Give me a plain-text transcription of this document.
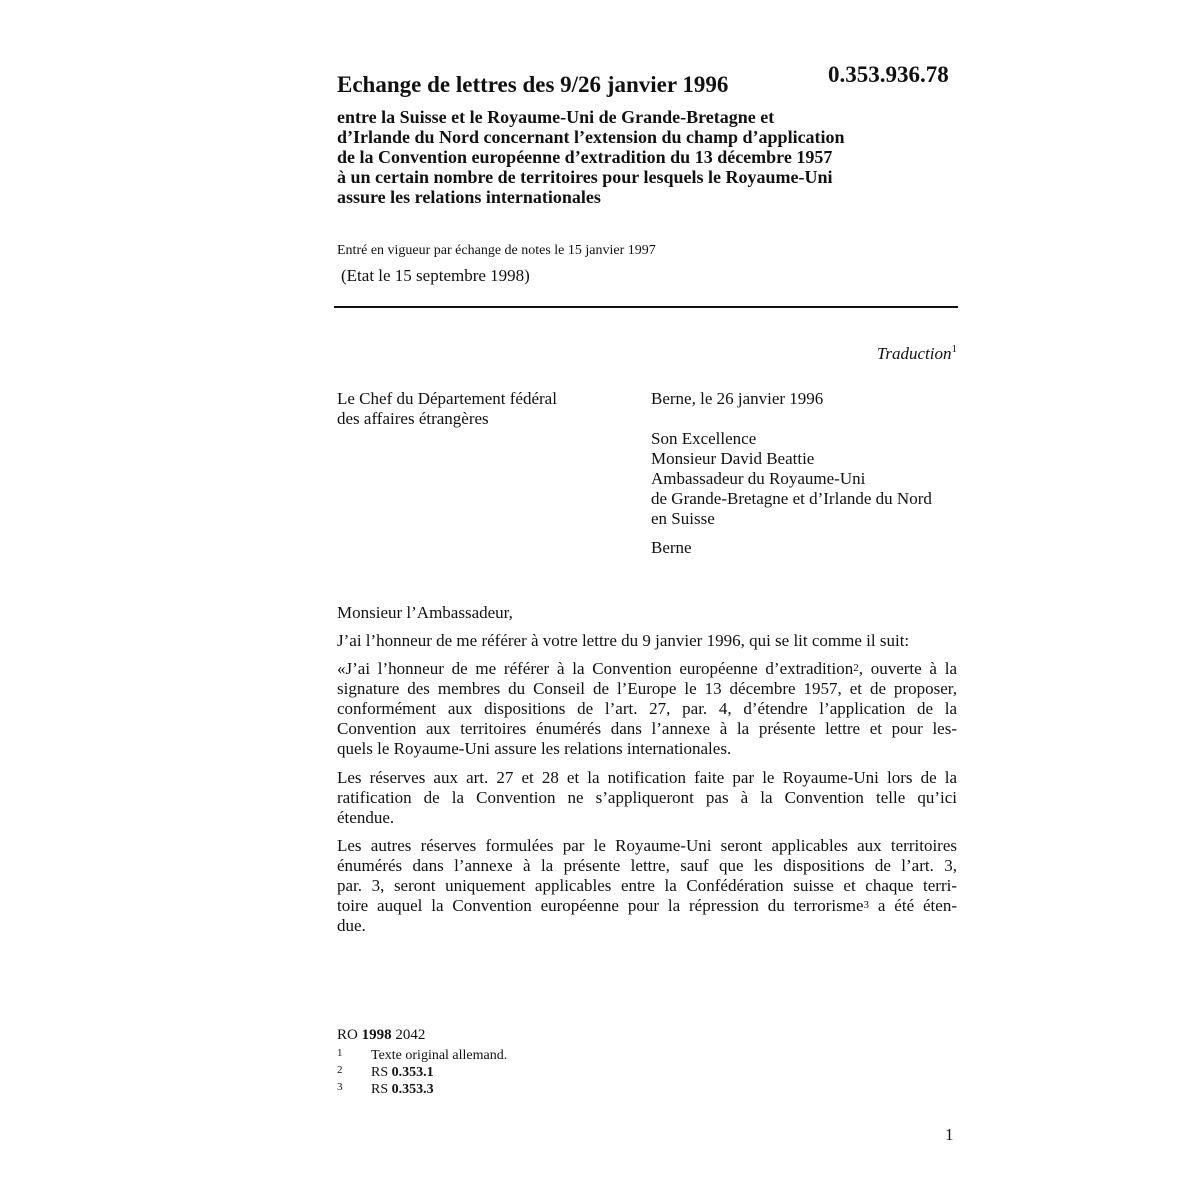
Echange de lettres des 9/26 janvier 1996	0.353.936.78
entre la Suisse et le Royaume-Uni de Grande-Bretagne et
d’Irlande du Nord concernant l’extension du champ d’application
de la Convention européenne d’extradition du 13 décembre 1957
à un certain nombre de territoires pour lesquels le Royaume-Uni
assure les relations internationales
Entré en vigueur par échange de notes le 15 janvier 1997
(Etat le 15 septembre 1998)
Traduction$^1$
Le Chef du Département fédéral
des affaires étrangères
Berne, le 26 janvier 1996
Son Excellence
Monsieur David Beattie
Ambassadeur du Royaume-Uni
de Grande-Bretagne et d’Irlande du Nord
en Suisse
Berne
Monsieur l’Ambassadeur,
J’ai l’honneur de me référer à votre lettre du 9 janvier 1996, qui se lit comme il suit:
«J’ai l’honneur de me référer à la Convention européenne d’extradition$^2$, ouverte à la
signature des membres du Conseil de l’Europe le 13 décembre 1957, et de proposer,
conformément aux dispositions de l’art. 27, par. 4, d’étendre l’application de la
Convention aux territoires énumérés dans l’annexe à la présente lettre et pour les-
quels le Royaume-Uni assure les relations internationales.
Les réserves aux art. 27 et 28 et la notification faite par le Royaume-Uni lors de la
ratification de la Convention ne s’appliqueront pas à la Convention telle qu’ici
étendue.
Les autres réserves formulées par le Royaume-Uni seront applicables aux territoires
énumérés dans l’annexe à la présente lettre, sauf que les dispositions de l’art. 3,
par. 3, seront uniquement applicables entre la Confédération suisse et chaque terri-
toire auquel la Convention européenne pour la répression du terrorisme$^3$ a été éten-
due.
RO 1998 2042
1 Texte original allemand.
2 RS 0.353.1
3 RS 0.353.3
1
